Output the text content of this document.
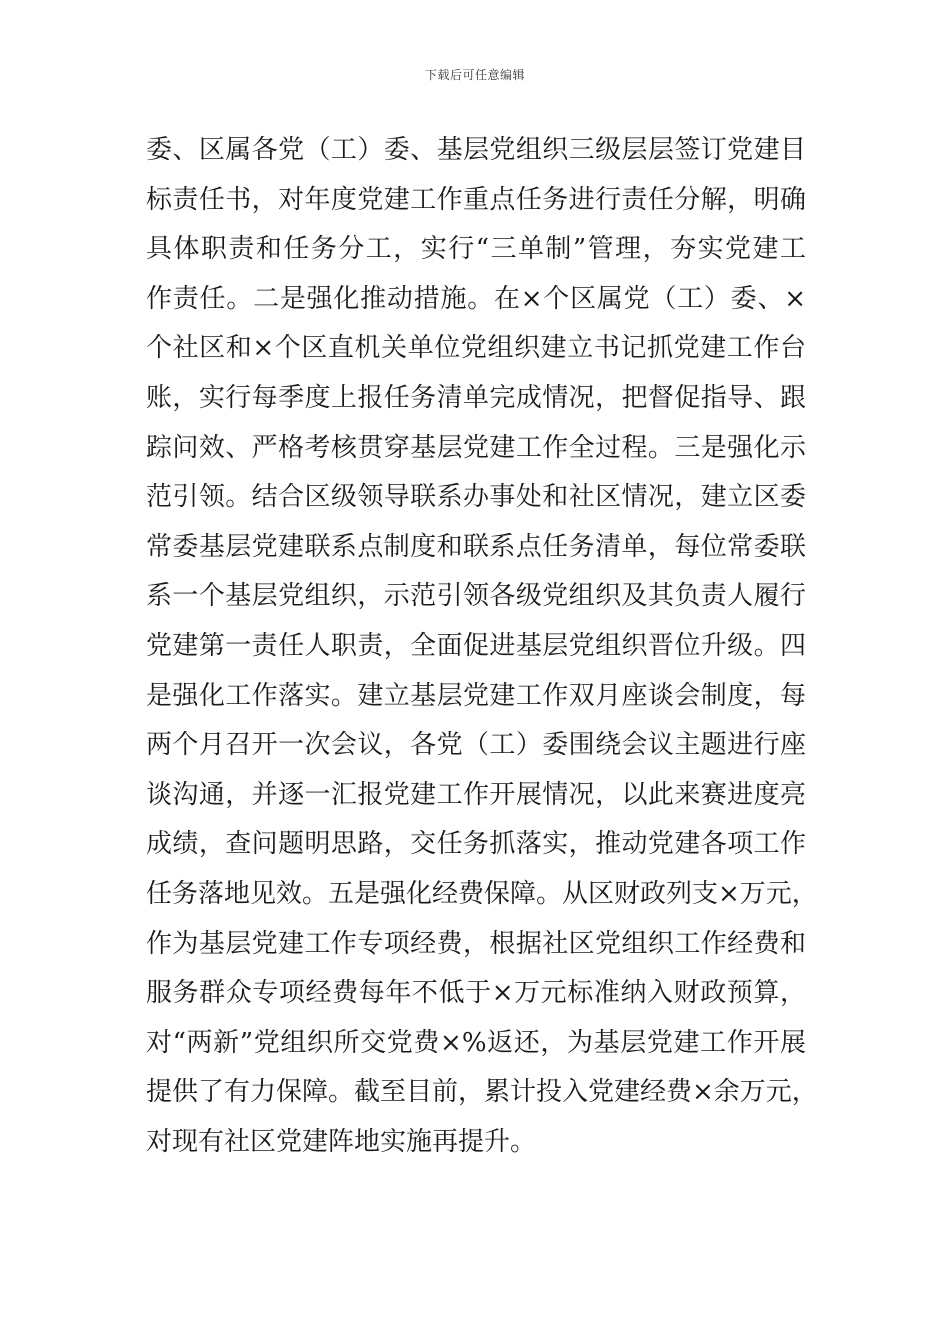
下载后可任意编辑
委、区属各党（工）委、基层党组织三级层层签订党建目
标责任书，对年度党建工作重点任务进行责任分解，明确
具体职责和任务分工，实行“三单制”管理，夯实党建工
作责任。二是强化推动措施。在×个区属党（工）委、×
个社区和×个区直机关单位党组织建立书记抓党建工作台
账，实行每季度上报任务清单完成情况，把督促指导、跟
踪问效、严格考核贯穿基层党建工作全过程。三是强化示
范引领。结合区级领导联系办事处和社区情况，建立区委
常委基层党建联系点制度和联系点任务清单，每位常委联
系一个基层党组织，示范引领各级党组织及其负责人履行
党建第一责任人职责，全面促进基层党组织晋位升级。四
是强化工作落实。建立基层党建工作双月座谈会制度，每
两个月召开一次会议，各党（工）委围绕会议主题进行座
谈沟通，并逐一汇报党建工作开展情况，以此来赛进度亮
成绩，查问题明思路，交任务抓落实，推动党建各项工作
任务落地见效。五是强化经费保障。从区财政列支×万元，
作为基层党建工作专项经费，根据社区党组织工作经费和
服务群众专项经费每年不低于×万元标准纳入财政预算，
对“两新”党组织所交党费×%返还，为基层党建工作开展
提供了有力保障。截至目前，累计投入党建经费×余万元，
对现有社区党建阵地实施再提升。
